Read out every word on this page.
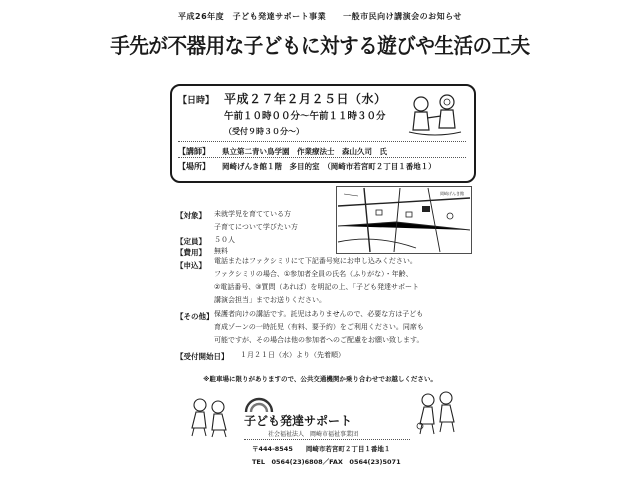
平成26年度　子ども発達サポート事業　　一般市民向け講演会のお知らせ
手先が不器用な子どもに対する遊びや生活の工夫
【日時】 平成２７年２月２５日（水）
午前１０時００分～午前１１時３０分
（受付９時３０分～）
【講師】 県立第二青い鳥学園　作業療法士　森山久司　氏
【場所】 岡崎げんき館１階　多目的室　（岡崎市若宮町２丁目１番地１）
岡崎げんき館
【対象】 未就学児を育てている方
子育てについて学びたい方
【定員】 ５０人
【費用】 無料
【申込】 電話またはファクシミリにて下記番号宛にお申し込みください。
ファクシミリの場合、①参加者全員の氏名（ふりがな）・年齢、
②電話番号、③質問（あれば）を明記の上、「子ども発達サポート
講演会担当」までお送りください。
【その他】 保護者向けの講話です。託児はありませんので、必要な方は子ども
育成ゾーンの一時託児（有料、要予約）をご利用ください。同席も
可能ですが、その場合は他の参加者へのご配慮をお願い致します。
【受付開始日】 １月２１日（水）より（先着順）
※駐車場に限りがありますので、公共交通機関か乗り合わせでお越しください。
子ども発達サポート
社会福祉法人　岡崎市福祉事業団
〒444-8545　　岡崎市若宮町２丁目１番地１
TEL　0564(23)6808／FAX　0564(23)5071
